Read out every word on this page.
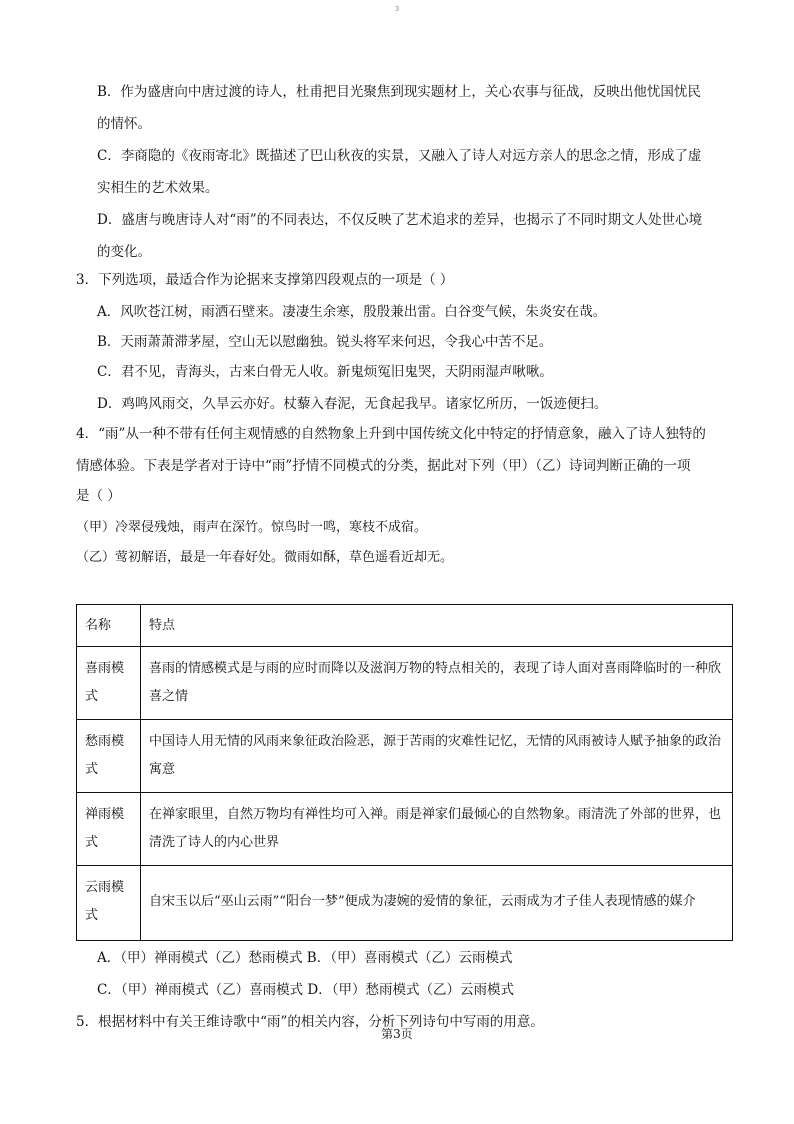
3
B．作为盛唐向中唐过渡的诗人，杜甫把目光聚焦到现实题材上，关心农事与征战，反映出他忧国忧民
的情怀。
C．李商隐的《夜雨寄北》既描述了巴山秋夜的实景，又融入了诗人对远方亲人的思念之情，形成了虚
实相生的艺术效果。
D．盛唐与晚唐诗人对“雨”的不同表达，不仅反映了艺术追求的差异，也揭示了不同时期文人处世心境
的变化。
3．下列选项，最适合作为论据来支撑第四段观点的一项是（ ）
A．风吹苍江树，雨洒石壁来。凄凄生余寒，殷殷兼出雷。白谷变气候，朱炎安在哉。
B．天雨萧萧滞茅屋，空山无以慰幽独。锐头将军来何迟，令我心中苦不足。
C．君不见，青海头，古来白骨无人收。新鬼烦冤旧鬼哭，天阴雨湿声啾啾。
D．鸡鸣风雨交，久旱云亦好。杖藜入春泥，无食起我早。诸家忆所历，一饭迹便扫。
4．“雨”从一种不带有任何主观情感的自然物象上升到中国传统文化中特定的抒情意象，融入了诗人独特的
情感体验。下表是学者对于诗中“雨”抒情不同模式的分类，据此对下列（甲）（乙）诗词判断正确的一项
是（ ）
（甲）冷翠侵残烛，雨声在深竹。惊鸟时一鸣，寒枝不成宿。
（乙）莺初解语，最是一年春好处。微雨如酥，草色遥看近却无。
A．（甲）禅雨模式（乙）愁雨模式 B．（甲）喜雨模式（乙）云雨模式
C．（甲）禅雨模式（乙）喜雨模式 D．（甲）愁雨模式（乙）云雨模式
5．根据材料中有关王维诗歌中“雨”的相关内容，分析下列诗句中写雨的用意。
名称	特点
喜雨模式
喜雨的情感模式是与雨的应时而降以及滋润万物的特点相关的，表现了诗人面对喜雨降临时的一种欣喜之情
愁雨模式
中国诗人用无情的风雨来象征政治险恶，源于苦雨的灾难性记忆，无情的风雨被诗人赋予抽象的政治寓意
禅雨模式
在禅家眼里，自然万物均有禅性均可入禅。雨是禅家们最倾心的自然物象。雨清洗了外部的世界，也清洗了诗人的内心世界
云雨模式
自宋玉以后“巫山云雨”“阳台一梦”便成为凄婉的爱情的象征，云雨成为才子佳人表现情感的媒介
第3页
